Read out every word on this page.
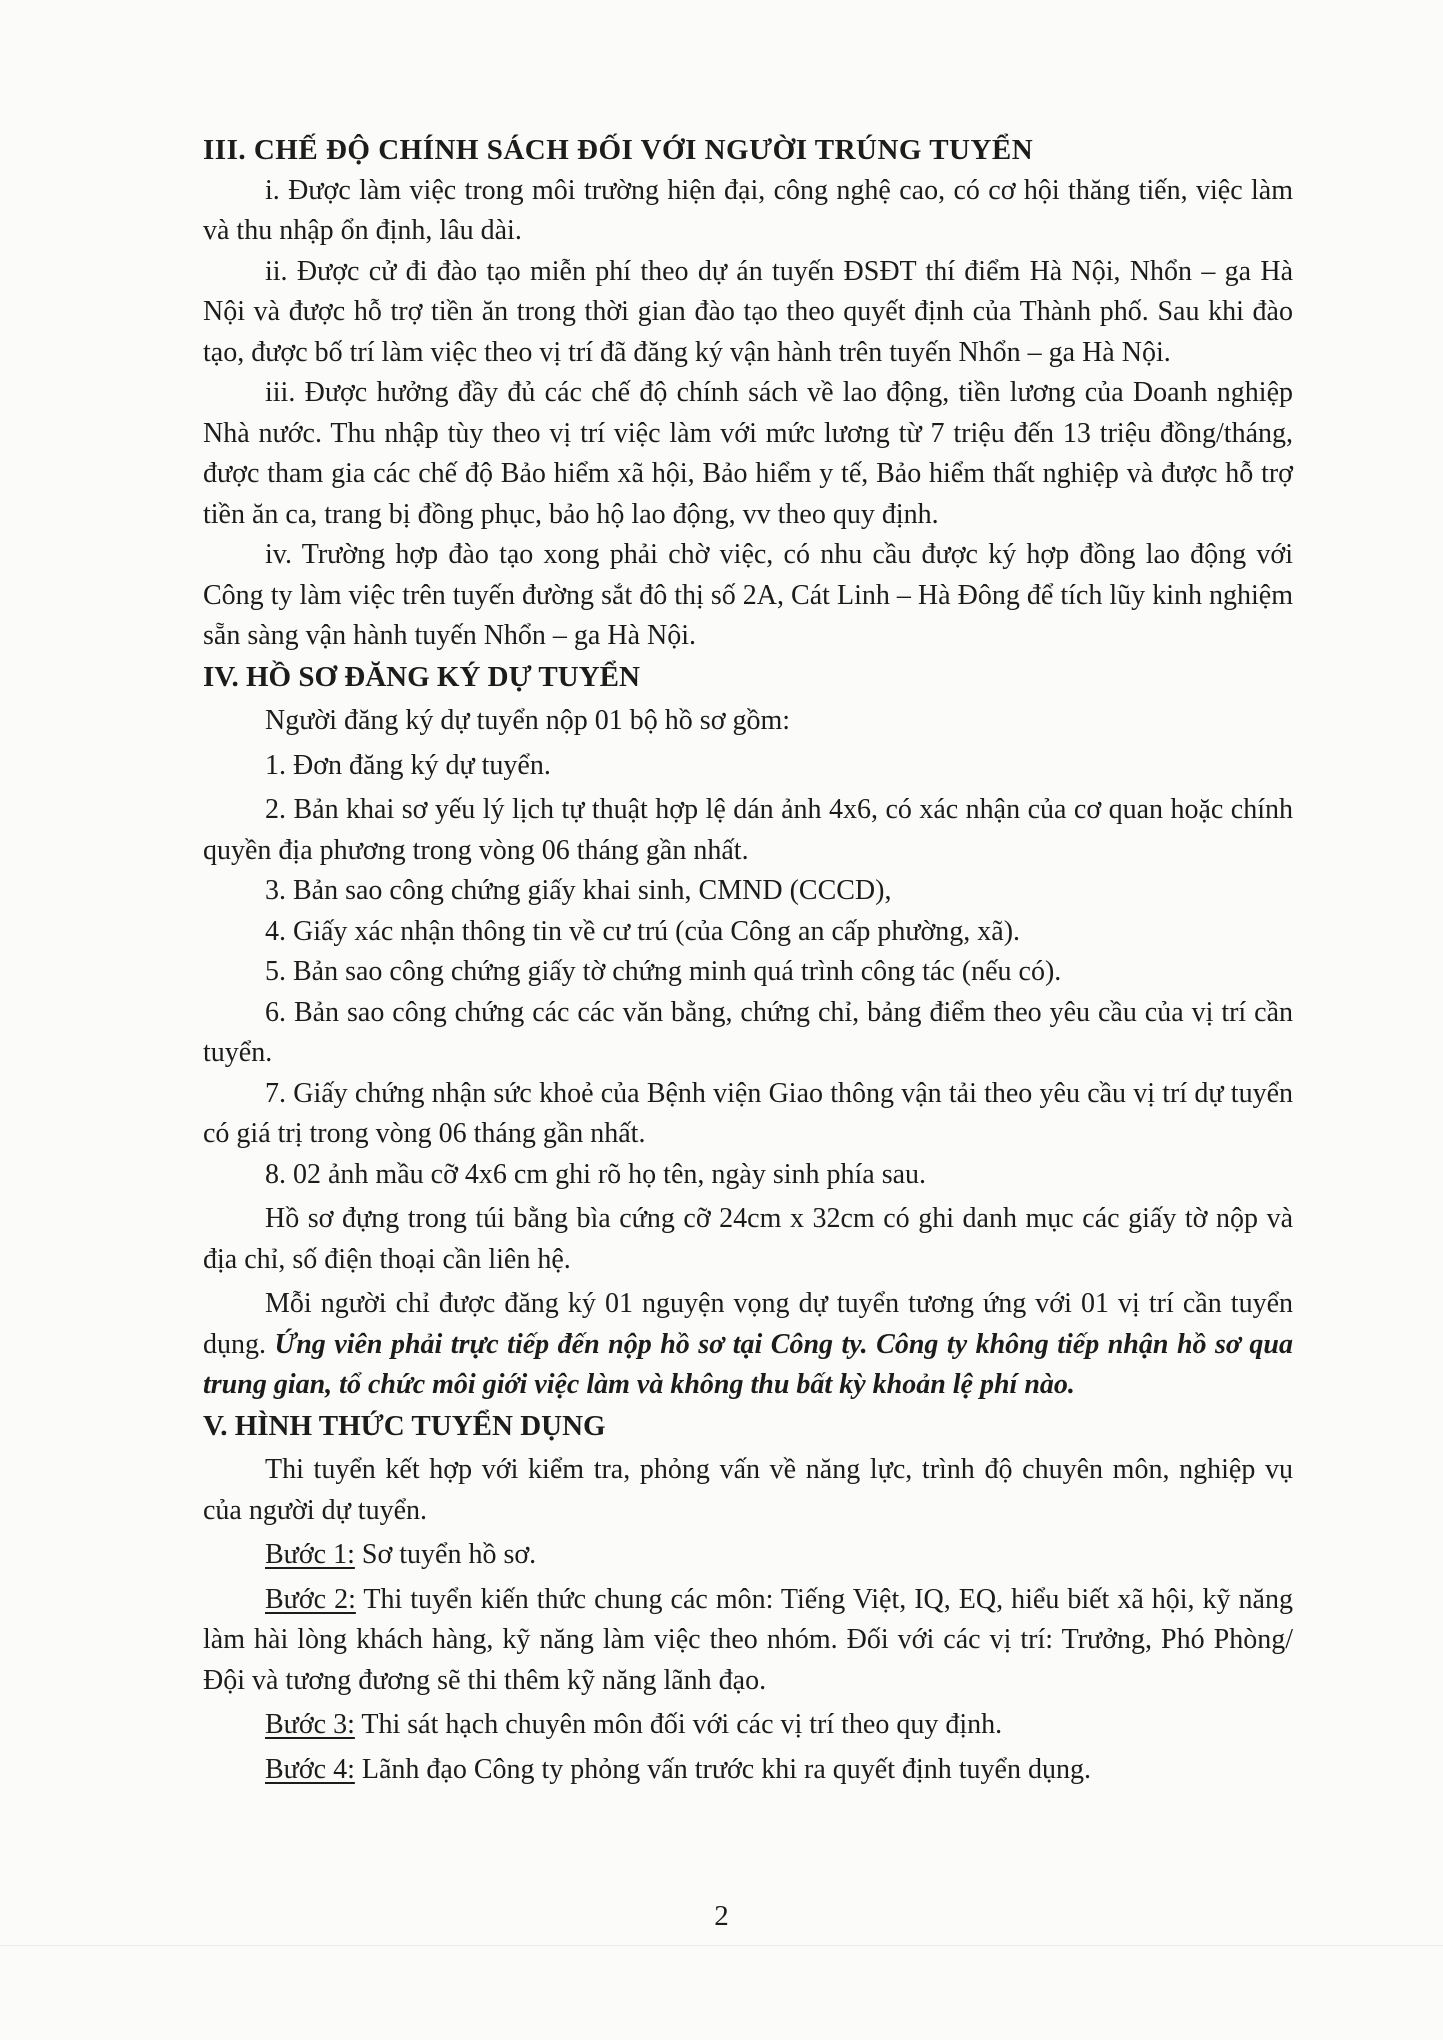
III. CHẾ ĐỘ CHÍNH SÁCH ĐỐI VỚI NGƯỜI TRÚNG TUYỂN

i. Được làm việc trong môi trường hiện đại, công nghệ cao, có cơ hội thăng tiến, việc làm và thu nhập ổn định, lâu dài.

ii. Được cử đi đào tạo miễn phí theo dự án tuyến ĐSĐT thí điểm Hà Nội, Nhổn – ga Hà Nội và được hỗ trợ tiền ăn trong thời gian đào tạo theo quyết định của Thành phố. Sau khi đào tạo, được bố trí làm việc theo vị trí đã đăng ký vận hành trên tuyến Nhổn – ga Hà Nội.

iii. Được hưởng đầy đủ các chế độ chính sách về lao động, tiền lương của Doanh nghiệp Nhà nước. Thu nhập tùy theo vị trí việc làm với mức lương từ 7 triệu đến 13 triệu đồng/tháng, được tham gia các chế độ Bảo hiểm xã hội, Bảo hiểm y tế, Bảo hiểm thất nghiệp và được hỗ trợ tiền ăn ca, trang bị đồng phục, bảo hộ lao động, vv theo quy định.

iv. Trường hợp đào tạo xong phải chờ việc, có nhu cầu được ký hợp đồng lao động với Công ty làm việc trên tuyến đường sắt đô thị số 2A, Cát Linh – Hà Đông để tích lũy kinh nghiệm sẵn sàng vận hành tuyến Nhổn – ga Hà Nội.

IV. HỒ SƠ ĐĂNG KÝ DỰ TUYỂN

Người đăng ký dự tuyển nộp 01 bộ hồ sơ gồm:

1. Đơn đăng ký dự tuyển.

2. Bản khai sơ yếu lý lịch tự thuật hợp lệ dán ảnh 4x6, có xác nhận của cơ quan hoặc chính quyền địa phương trong vòng 06 tháng gần nhất.

3. Bản sao công chứng giấy khai sinh, CMND (CCCD),

4. Giấy xác nhận thông tin về cư trú (của Công an cấp phường, xã).

5. Bản sao công chứng giấy tờ chứng minh quá trình công tác (nếu có).

6. Bản sao công chứng các các văn bằng, chứng chỉ, bảng điểm theo yêu cầu của vị trí cần tuyển.

7. Giấy chứng nhận sức khoẻ của Bệnh viện Giao thông vận tải theo yêu cầu vị trí dự tuyển có giá trị trong vòng 06 tháng gần nhất.

8. 02 ảnh mầu cỡ 4x6 cm ghi rõ họ tên, ngày sinh phía sau.

Hồ sơ đựng trong túi bằng bìa cứng cỡ 24cm x 32cm có ghi danh mục các giấy tờ nộp và địa chỉ, số điện thoại cần liên hệ.

Mỗi người chỉ được đăng ký 01 nguyện vọng dự tuyển tương ứng với 01 vị trí cần tuyển dụng. Ứng viên phải trực tiếp đến nộp hồ sơ tại Công ty. Công ty không tiếp nhận hồ sơ qua trung gian, tổ chức môi giới việc làm và không thu bất kỳ khoản lệ phí nào.

V. HÌNH THỨC TUYỂN DỤNG

Thi tuyển kết hợp với kiểm tra, phỏng vấn về năng lực, trình độ chuyên môn, nghiệp vụ của người dự tuyển.

Bước 1: Sơ tuyển hồ sơ.

Bước 2: Thi tuyển kiến thức chung các môn: Tiếng Việt, IQ, EQ, hiểu biết xã hội, kỹ năng làm hài lòng khách hàng, kỹ năng làm việc theo nhóm. Đối với các vị trí: Trưởng, Phó Phòng/Đội và tương đương sẽ thi thêm kỹ năng lãnh đạo.

Bước 3: Thi sát hạch chuyên môn đối với các vị trí theo quy định.

Bước 4: Lãnh đạo Công ty phỏng vấn trước khi ra quyết định tuyển dụng.

2
